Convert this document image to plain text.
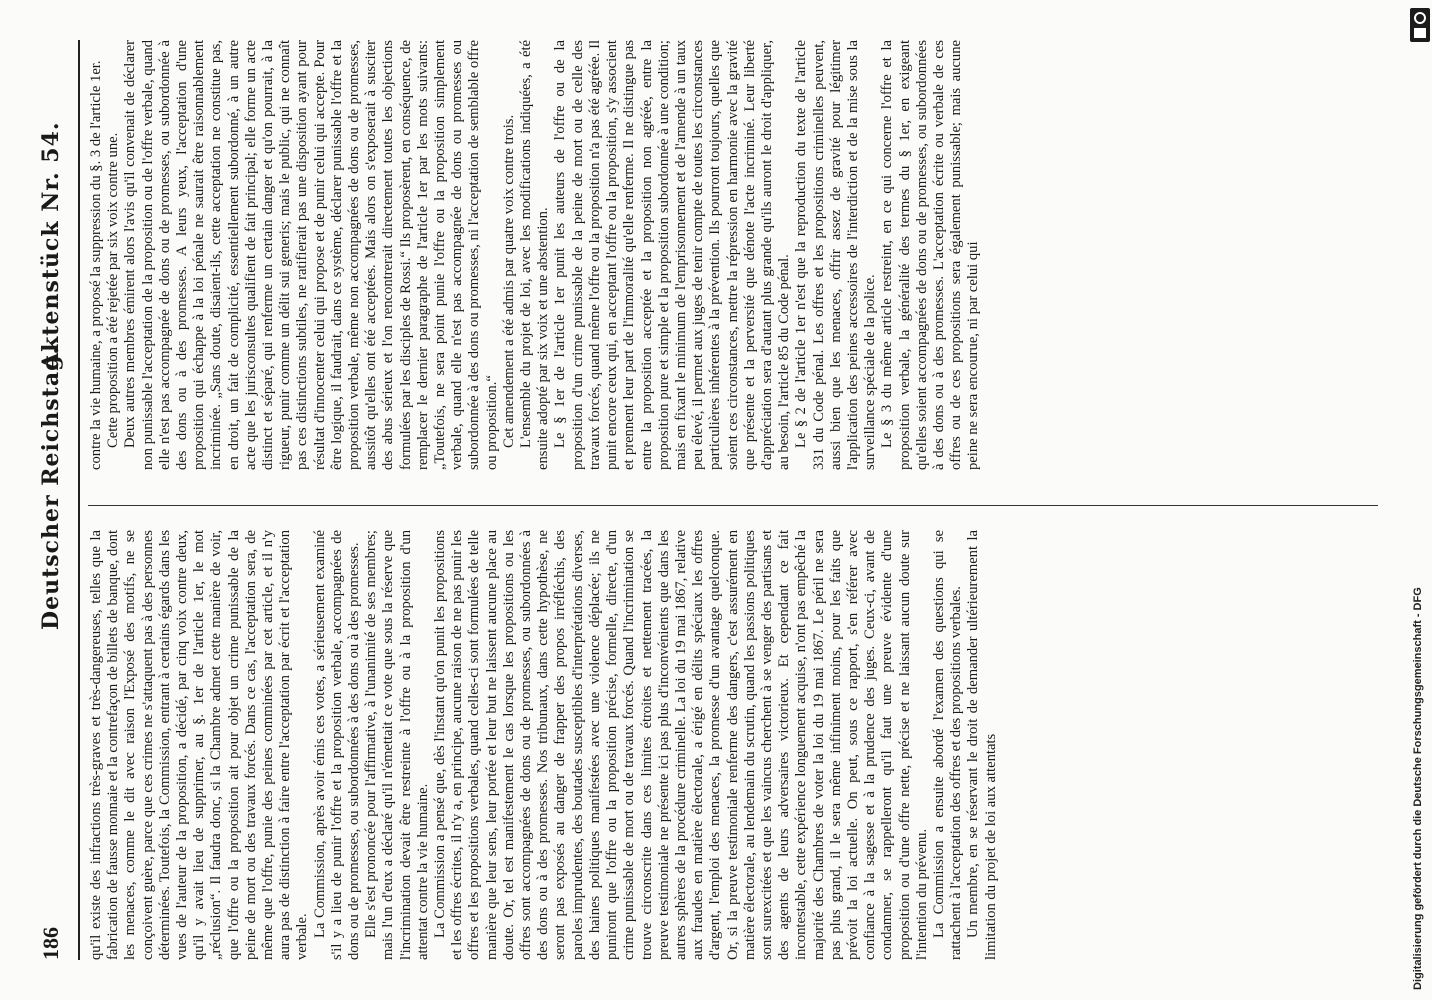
186
Deutscher Reichstag.
Aktenstück Nr. 54.

qu'il existe des infractions très-graves et très-dangereuses, telles que la fabrication de fausse monnaie et la contrefaçon de billets de banque, dont les menaces, comme le dit avec raison l'Exposé des motifs, ne se conçoivent guère, parce que ces crimes ne s'attaquent pas à des personnes déterminées. Toutefois, la Commission, entrant à certains égards dans les vues de l'auteur de la proposition, a décidé, par cinq voix contre deux, qu'il y avait lieu de supprimer, au §. 1er de l'article 1er, le mot „réclusion“. Il faudra donc, si la Chambre admet cette manière de voir, que l'offre ou la proposition ait pour objet un crime punissable de la peine de mort ou des travaux forcés. Dans ce cas, l'acceptation sera, de même que l'offre, punie des peines comminées par cet article, et il n'y aura pas de distinction à faire entre l'acceptation par écrit et l'acceptation verbale. La Commission, après avoir émis ces votes, a sérieusement examiné s'il y a lieu de punir l'offre et la proposition verbale, accompagnées de dons ou de promesses, ou subordonnées à des dons ou à des promesses. Elle s'est prononcée pour l'affirmative, à l'unanimité de ses membres; mais l'un d'eux a déclaré qu'il n'émettait ce vote que sous la réserve que l'incrimination devait être restreinte à l'offre ou à la proposition d'un attentat contre la vie humaine. La Commission a pensé que, dès l'instant qu'on punit les propositions et les offres écrites, il n'y a, en principe, aucune raison de ne pas punir les offres et les propositions verbales, quand celles-ci sont formulées de telle manière que leur sens, leur portée et leur but ne laissent aucune place au doute. Or, tel est manifestement le cas lorsque les propositions ou les offres sont accompagnées de dons ou de promesses, ou subordonnées à des dons ou à des promesses. Nos tribunaux, dans cette hypothèse, ne seront pas exposés au danger de frapper des propos irréfléchis, des paroles imprudentes, des boutades susceptibles d'interprétations diverses, des haines politiques manifestées avec une violence déplacée; ils ne puniront que l'offre ou la proposition précise, formelle, directe, d'un crime punissable de mort ou de travaux forcés. Quand l'incrimination se trouve circonscrite dans ces limites étroites et nettement tracées, la preuve testimoniale ne présente ici pas plus d'inconvénients que dans les autres sphères de la procédure criminelle. La loi du 19 mai 1867, relative aux fraudes en matière électorale, a érigé en délits spéciaux les offres d'argent, l'emploi des menaces, la promesse d'un avantage quelconque. Or, si la preuve testimoniale renferme des dangers, c'est assurément en matière électorale, au lendemain du scrutin, quand les passions politiques sont surexcitées et que les vaincus cherchent à se venger des partisans et des agents de leurs adversaires victorieux. Et cependant ce fait incontestable, cette expérience longuement acquise, n'ont pas empêché la majorité des Chambres de voter la loi du 19 mai 1867. Le péril ne sera pas plus grand, il le sera même infiniment moins, pour les faits que prévoit la loi actuelle. On peut, sous ce rapport, s'en référer avec confiance à la sagesse et à la prudence des juges. Ceux-ci, avant de condamner, se rappelleront qu'il faut une preuve évidente d'une proposition ou d'une offre nette, précise et ne laissant aucun doute sur l'intention du prévenu. La Commission a ensuite abordé l'examen des questions qui se rattachent à l'acceptation des offres et des propositions verbales. Un membre, en se réservant le droit de demander ultérieurement la limitation du projet de loi aux attentats

contre la vie humaine, a proposé la suppression du §. 3 de l'article 1er. Cette proposition a été rejetée par six voix contre une. Deux autres membres émirent alors l'avis qu'il convenait de déclarer non punissable l'acceptation de la proposition ou de l'offre verbale, quand elle n'est pas accompagnée de dons ou de promesses, ou subordonnée à des dons ou à des promesses. A leurs yeux, l'acceptation d'une proposition qui échappe à la loi pénale ne saurait être raisonnablement incriminée. „Sans doute, disaient-ils, cette acceptation ne constitue pas, en droit, un fait de complicité, essentiellement subordonné, à un autre acte que les jurisconsultes qualifient de fait principal; elle forme un acte distinct et séparé, qui renferme un certain danger et qu'on pourrait, à la rigueur, punir comme un délit sui generis; mais le public, qui ne connaît pas ces distinctions subtiles, ne ratifierait pas une disposition ayant pour résultat d'innocenter celui qui propose et de punir celui qui accepte. Pour être logique, il faudrait, dans ce système, déclarer punissable l'offre et la proposition verbale, même non accompagnées de dons ou de promesses, aussitôt qu'elles ont été acceptées. Mais alors on s'exposerait à susciter des abus sérieux et l'on rencontrerait directement toutes les objections formulées par les disciples de Rossi.“ Ils proposèrent, en conséquence, de remplacer le dernier paragraphe de l'article 1er par les mots suivants: „Toutefois, ne sera point punie l'offre ou la proposition simplement verbale, quand elle n'est pas accompagnée de dons ou promesses ou subordonnée à des dons ou promesses, ni l'acceptation de semblable offre ou proposition.“ Cet amendement a été admis par quatre voix contre trois. L'ensemble du projet de loi, avec les modifications indiquées, a été ensuite adopté par six voix et une abstention. Le § 1er de l'article 1er punit les auteurs de l'offre ou de la proposition d'un crime punissable de la peine de mort ou de celle des travaux forcés, quand même l'offre ou la proposition n'a pas été agréée. Il punit encore ceux qui, en acceptant l'offre ou la proposition, s'y associent et prennent leur part de l'immoralité qu'elle renferme. Il ne distingue pas entre la proposition acceptée et la proposition non agréée, entre la proposition pure et simple et la proposition subordonnée à une condition; mais en fixant le minimum de l'emprisonnement et de l'amende à un taux peu élevé, il permet aux juges de tenir compte de toutes les circonstances particulières inhérentes à la prévention. Ils pourront toujours, quelles que soient ces circonstances, mettre la répression en harmonie avec la gravité que présente et la perversité que dénote l'acte incriminé. Leur liberté d'appréciation sera d'autant plus grande qu'ils auront le droit d'appliquer, au besoin, l'article 85 du Code pénal. Le § 2 de l'article 1er n'est que la reproduction du texte de l'article 331 du Code pénal. Les offres et les propositions criminelles peuvent, aussi bien que les menaces, offrir assez de gravité pour légitimer l'application des peines accessoires de l'interdiction et de la mise sous la surveillance spéciale de la police. Le § 3 du même article restreint, en ce qui concerne l'offre et la proposition verbale, la généralité des termes du § 1er, en exigeant qu'elles soient accompagnées de dons ou de promesses, ou subordonnées à des dons ou à des promesses. L'acceptation écrite ou verbale de ces offres ou de ces propositions sera également punissable; mais aucune peine ne sera encourue, ni par celui qui

Digitalisierung gefördert durch die Deutsche Forschungsgemeinschaft - DFG
